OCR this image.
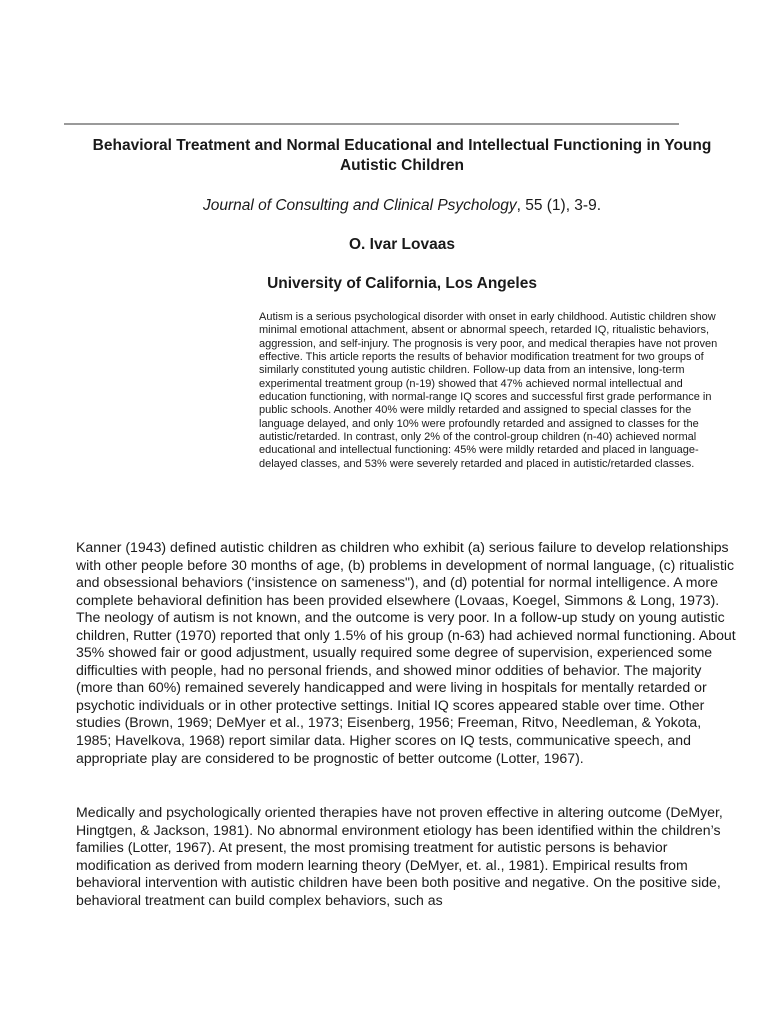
Behavioral Treatment and Normal Educational and Intellectual Functioning in Young Autistic Children

Journal of Consulting and Clinical Psychology, 55 (1), 3-9.

O. Ivar Lovaas

University of California, Los Angeles

Autism is a serious psychological disorder with onset in early childhood. Autistic children show minimal emotional attachment, absent or abnormal speech, retarded IQ, ritualistic behaviors, aggression, and self-injury. The prognosis is very poor, and medical therapies have not proven effective. This article reports the results of behavior modification treatment for two groups of similarly constituted young autistic children. Follow-up data from an intensive, long-term experimental treatment group (n-19) showed that 47% achieved normal intellectual and education functioning, with normal-range IQ scores and successful first grade performance in public schools. Another 40% were mildly retarded and assigned to special classes for the language delayed, and only 10% were profoundly retarded and assigned to classes for the autistic/retarded. In contrast, only 2% of the control-group children (n-40) achieved normal educational and intellectual functioning: 45% were mildly retarded and placed in language-delayed classes, and 53% were severely retarded and placed in autistic/retarded classes.

Kanner (1943) defined autistic children as children who exhibit (a) serious failure to develop relationships with other people before 30 months of age, (b) problems in development of normal language, (c) ritualistic and obsessional behaviors (‘insistence on sameness"), and (d) potential for normal intelligence. A more complete behavioral definition has been provided elsewhere (Lovaas, Koegel, Simmons & Long, 1973). The neology of autism is not known, and the outcome is very poor. In a follow-up study on young autistic children, Rutter (1970) reported that only 1.5% of his group (n-63) had achieved normal functioning. About 35% showed fair or good adjustment, usually required some degree of supervision, experienced some difficulties with people, had no personal friends, and showed minor oddities of behavior. The majority (more than 60%) remained severely handicapped and were living in hospitals for mentally retarded or psychotic individuals or in other protective settings. Initial IQ scores appeared stable over time. Other studies (Brown, 1969; DeMyer et al., 1973; Eisenberg, 1956; Freeman, Ritvo, Needleman, & Yokota, 1985; Havelkova, 1968) report similar data. Higher scores on IQ tests, communicative speech, and appropriate play are considered to be prognostic of better outcome (Lotter, 1967).

Medically and psychologically oriented therapies have not proven effective in altering outcome (DeMyer, Hingtgen, & Jackson, 1981). No abnormal environment etiology has been identified within the children’s families (Lotter, 1967). At present, the most promising treatment for autistic persons is behavior modification as derived from modern learning theory (DeMyer, et. al., 1981). Empirical results from behavioral intervention with autistic children have been both positive and negative. On the positive side, behavioral treatment can build complex behaviors, such as
